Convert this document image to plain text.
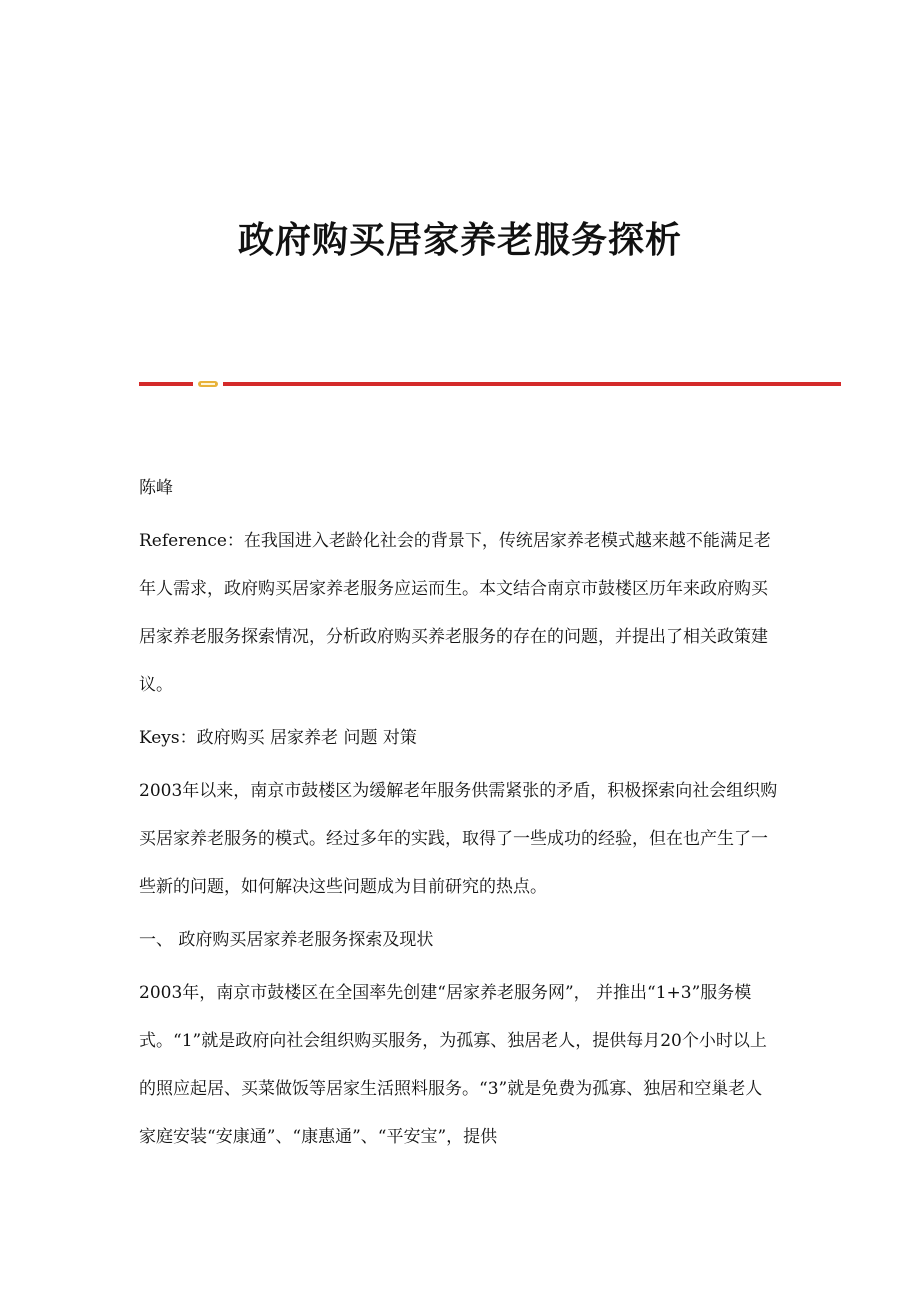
政府购买居家养老服务探析

陈峰

Reference：在我国进入老龄化社会的背景下，传统居家养老模式越来越不能满足老年人需求，政府购买居家养老服务应运而生。本文结合南京市鼓楼区历年来政府购买居家养老服务探索情况，分析政府购买养老服务的存在的问题，并提出了相关政策建议。

Keys：政府购买 居家养老 问题 对策

2003年以来，南京市鼓楼区为缓解老年服务供需紧张的矛盾，积极探索向社会组织购买居家养老服务的模式。经过多年的实践，取得了一些成功的经验，但在也产生了一些新的问题，如何解决这些问题成为目前研究的热点。

一、 政府购买居家养老服务探索及现状

2003年，南京市鼓楼区在全国率先创建“居家养老服务网”， 并推出“1+3”服务模式。“1”就是政府向社会组织购买服务，为孤寡、独居老人，提供每月20个小时以上的照应起居、买菜做饭等居家生活照料服务。“3”就是免费为孤寡、独居和空巢老人家庭安装“安康通”、“康惠通”、“平安宝”，提供
